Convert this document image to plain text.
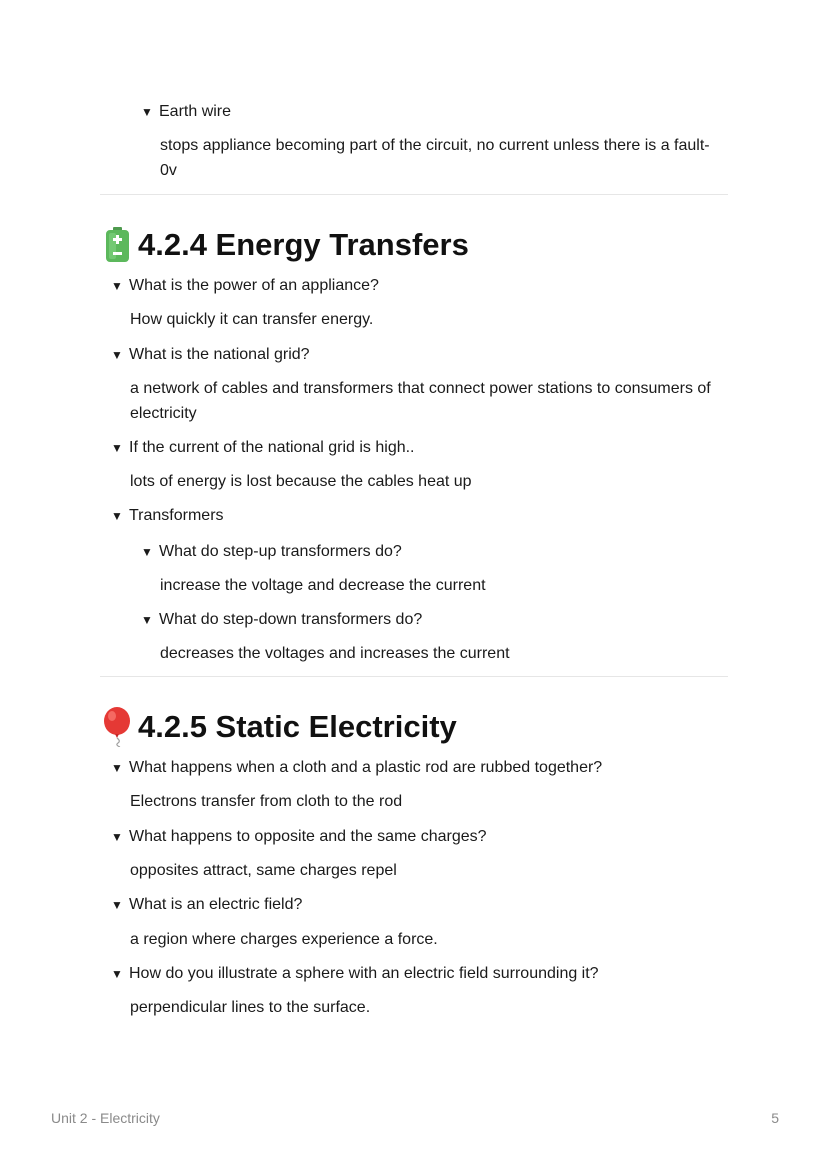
▼ Earth wire
stops appliance becoming part of the circuit, no current unless there is a fault- 0v
4.2.4 Energy Transfers
▼ What is the power of an appliance?
How quickly it can transfer energy.
▼ What is the national grid?
a network of cables and transformers that connect power stations to consumers of electricity
▼ If the current of the national grid is high..
lots of energy is lost because the cables heat up
▼ Transformers
▼ What do step-up transformers do?
increase the voltage and decrease the current
▼ What do step-down transformers do?
decreases the voltages and increases the current
4.2.5 Static Electricity
▼ What happens when a cloth and a plastic rod are rubbed together?
Electrons transfer from cloth to the rod
▼ What happens to opposite and the same charges?
opposites attract, same charges repel
▼ What is an electric field?
a region where charges experience a force.
▼ How do you illustrate a sphere with an electric field surrounding it?
perpendicular lines to the surface.
Unit 2 - Electricity	5
